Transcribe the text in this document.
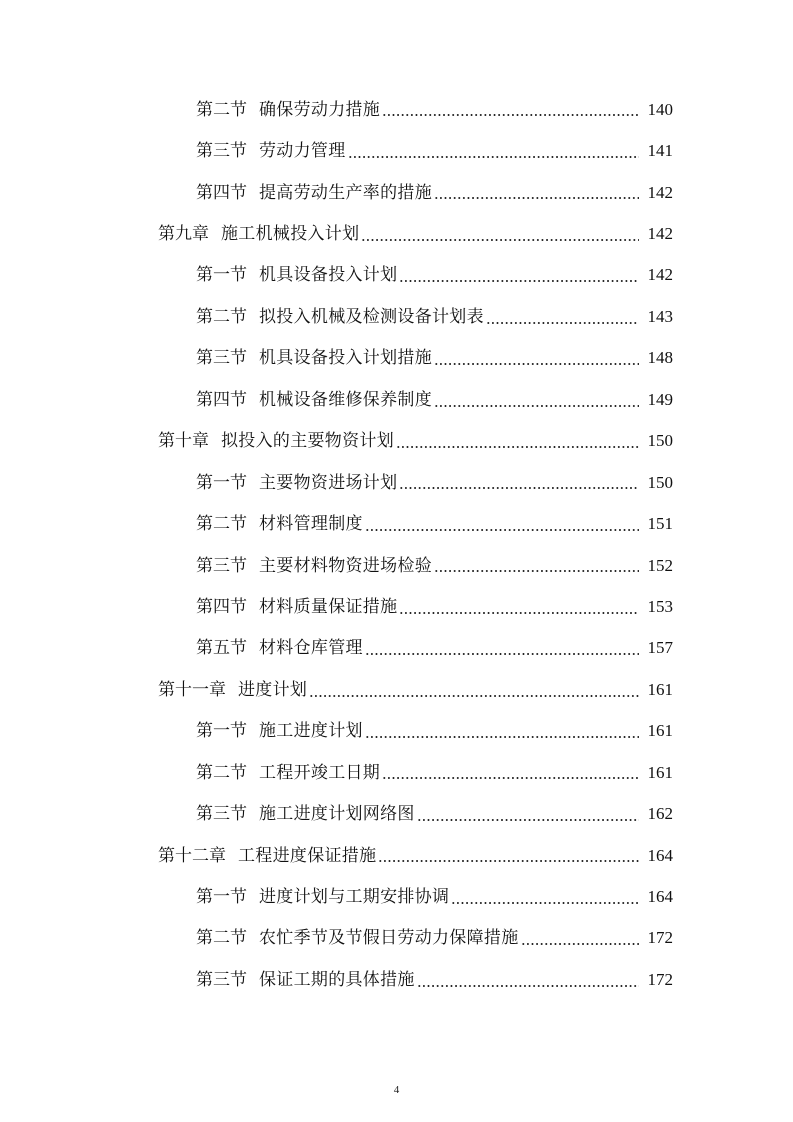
第二节 确保劳动力措施	140
第三节 劳动力管理	141
第四节 提高劳动生产率的措施	142
第九章 施工机械投入计划	142
第一节 机具设备投入计划	142
第二节 拟投入机械及检测设备计划表	143
第三节 机具设备投入计划措施	148
第四节 机械设备维修保养制度	149
第十章 拟投入的主要物资计划	150
第一节 主要物资进场计划	150
第二节 材料管理制度	151
第三节 主要材料物资进场检验	152
第四节 材料质量保证措施	153
第五节 材料仓库管理	157
第十一章 进度计划	161
第一节 施工进度计划	161
第二节 工程开竣工日期	161
第三节 施工进度计划网络图	162
第十二章 工程进度保证措施	164
第一节 进度计划与工期安排协调	164
第二节 农忙季节及节假日劳动力保障措施	172
第三节 保证工期的具体措施	172
4
